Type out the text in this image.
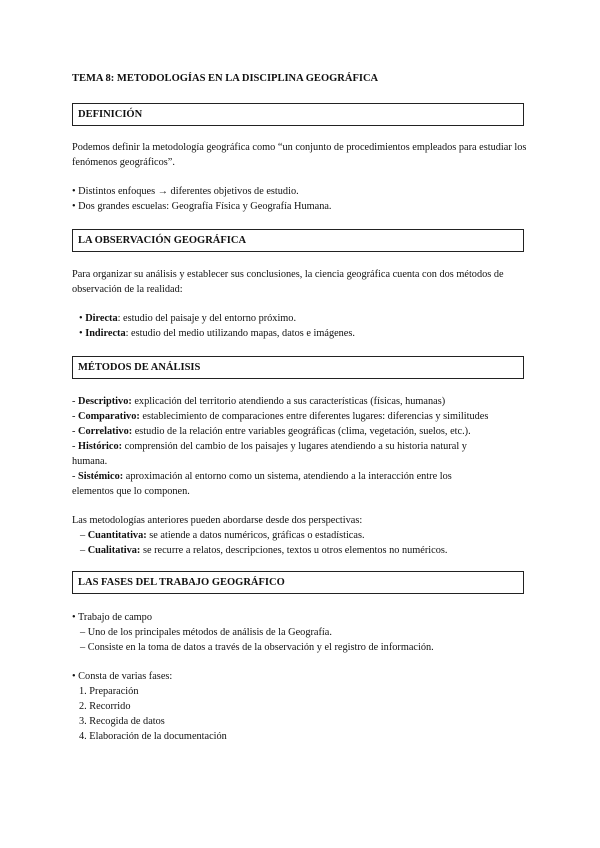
TEMA 8: METODOLOGÍAS EN LA DISCIPLINA GEOGRÁFICA
DEFINICIÓN
Podemos definir la metodología geográfica como “un conjunto de procedimientos empleados para estudiar los fenómenos geográficos”.
• Distintos enfoques → diferentes objetivos de estudio.
• Dos grandes escuelas: Geografía Física y Geografía Humana.
LA OBSERVACIÓN GEOGRÁFICA
Para organizar su análisis y establecer sus conclusiones, la ciencia geográfica cuenta con dos métodos de observación de la realidad:
• Directa: estudio del paisaje y del entorno próximo.
• Indirecta: estudio del medio utilizando mapas, datos e imágenes.
MÉTODOS DE ANÁLISIS
- Descriptivo: explicación del territorio atendiendo a sus características (físicas, humanas)
- Comparativo: establecimiento de comparaciones entre diferentes lugares: diferencias y similitudes
- Correlativo: estudio de la relación entre variables geográficas (clima, vegetación, suelos, etc.).
- Histórico: comprensión del cambio de los paisajes y lugares atendiendo a su historia natural y humana.
- Sistémico: aproximación al entorno como un sistema, atendiendo a la interacción entre los elementos que lo componen.
Las metodologías anteriores pueden abordarse desde dos perspectivas:
– Cuantitativa: se atiende a datos numéricos, gráficas o estadísticas.
– Cualitativa: se recurre a relatos, descripciones, textos u otros elementos no numéricos.
LAS FASES DEL TRABAJO GEOGRÁFICO
• Trabajo de campo
– Uno de los principales métodos de análisis de la Geografía.
– Consiste en la toma de datos a través de la observación y el registro de información.
• Consta de varias fases:
1. Preparación
2. Recorrido
3. Recogida de datos
4. Elaboración de la documentación
